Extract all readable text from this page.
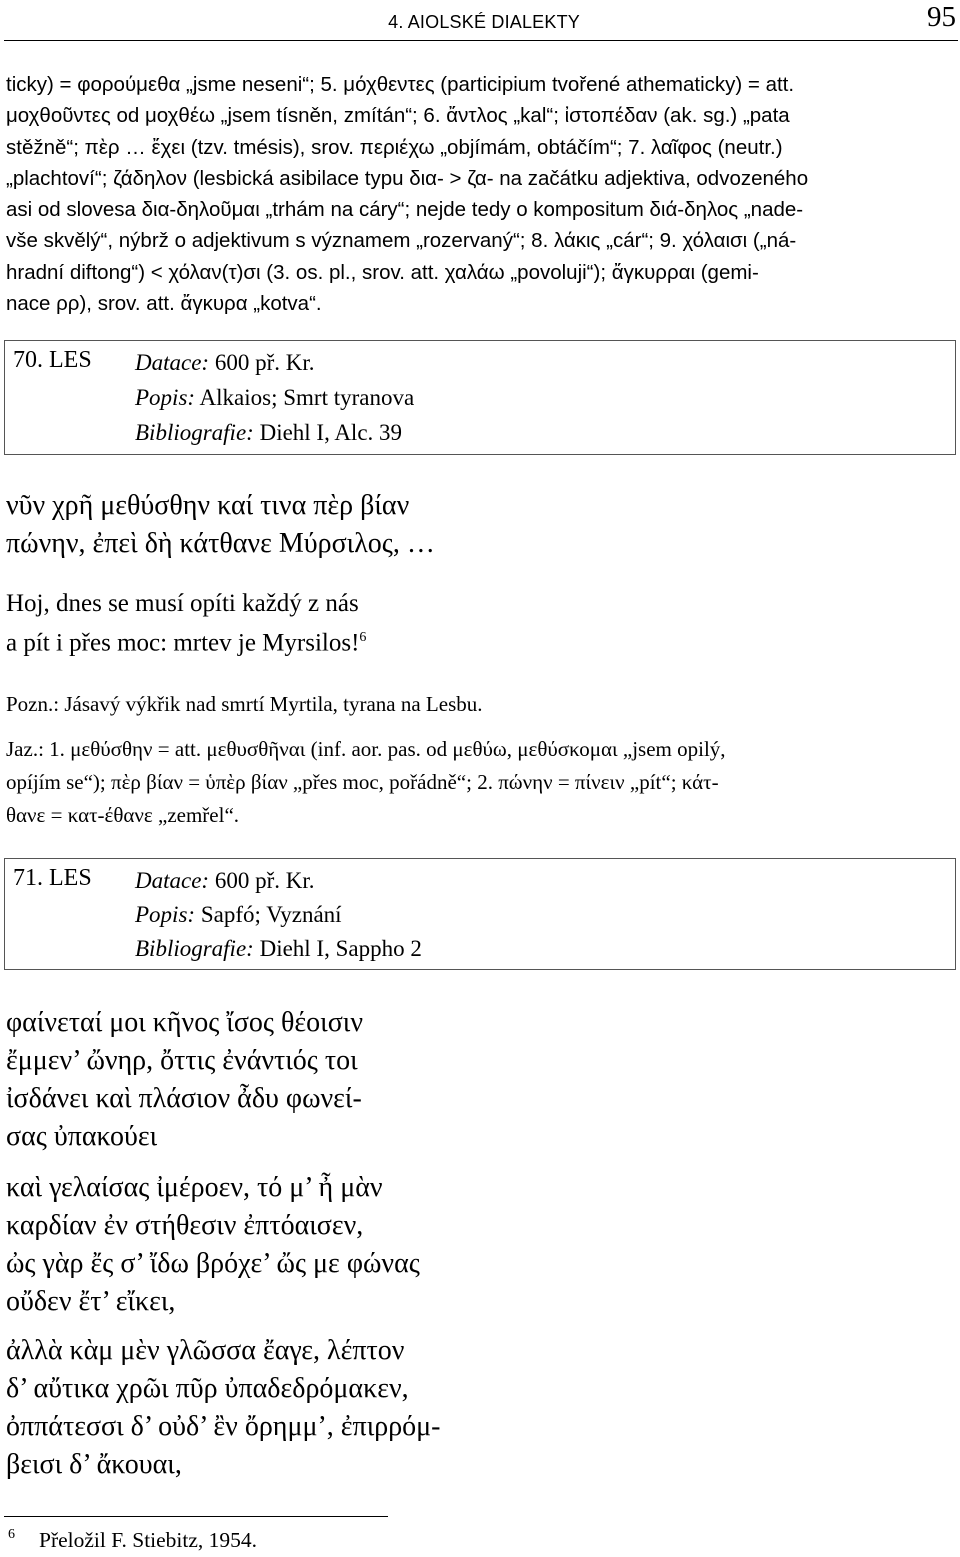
4. AIOLSKÉ DIALEKTY	95
ticky) = φορούμεθα „jsme neseni“; 5. μόχθεντες (participium tvořené athematicky) = att.
μοχθοῦντες od μοχθέω „jsem tísněn, zmítán“; 6. ἄντλος „kal“; ἰστοπέδαν (ak. sg.) „pata
stěžně“; πὲρ … ἔχει (tzv. tmésis), srov. περιέχω „objímám, obtáčím“; 7. λαῖφος (neutr.)
„plachtoví“; ζάδηλον (lesbická asibilace typu δια- > ζα- na začátku adjektiva, odvozeného
asi od slovesa δια-δηλοῦμαι „trhám na cáry“; nejde tedy o kompositum διά-δηλος „nade-
vše skvělý“, nýbrž o adjektivum s významem „rozervaný“; 8. λάκις „cár“; 9. χόλαισι („ná-
hradní diftong“) < χόλαν(τ)σι (3. os. pl., srov. att. χαλάω „povoluji“); ἄγκυρραι (gemi-
nace ρρ), srov. att. ἄγκυρα „kotva“.
70. LES Datace: 600 př. Kr.
Popis: Alkaios; Smrt tyranova
Bibliografie: Diehl I, Alc. 39
νῦν χρῆ μεθύσθην καί τινα πὲρ βίαν
πώνην, ἐπεὶ δὴ κάτθανε Μύρσιλος, …
Hoj, dnes se musí opíti každý z nás
a pít i přes moc: mrtev je Myrsilos!$^6$
Pozn.: Jásavý výkřik nad smrtí Myrtila, tyrana na Lesbu.
Jaz.: 1. μεθύσθην = att. μεθυσθῆναι (inf. aor. pas. od μεθύω, μεθύσκομαι „jsem opilý,
opíjím se“); πὲρ βίαν = ὑπὲρ βίαν „přes moc, pořádně“; 2. πώνην = πίνειν „pít“; κάτ-
θανε = κατ-έθανε „zemřel“.
71. LES Datace: 600 př. Kr.
Popis: Sapfó; Vyznání
Bibliografie: Diehl I, Sappho 2
φαίνεταί μοι κῆνος ἴσος θέοισιν
ἔμμεν’ ὤνηρ, ὄττις ἐνάντιός τοι
ἰσδάνει καὶ πλάσιον ἆδυ φωνεί-
σας ὐπακούει
καὶ γελαίσας ἰμέροεν, τό μ’ ἦ μὰν
καρδίαν ἐν στήθεσιν ἐπτόαισεν,
ὠς γὰρ ἔς σ’ ἴδω βρόχε’ ὤς με φώνας
οὔδεν ἔτ’ εἴκει,
ἀλλὰ κὰμ μὲν γλῶσσα ἔαγε, λέπτον
δ’ αὔτικα χρῶι πῦρ ὐπαδεδρόμακεν,
ὀππάτεσσι δ’ οὐδ’ ἒν ὄρημμ’, ἐπιρρόμ-
βεισι δ’ ἄκουαι,
$^6$ Přeložil F. Stiebitz, 1954.
